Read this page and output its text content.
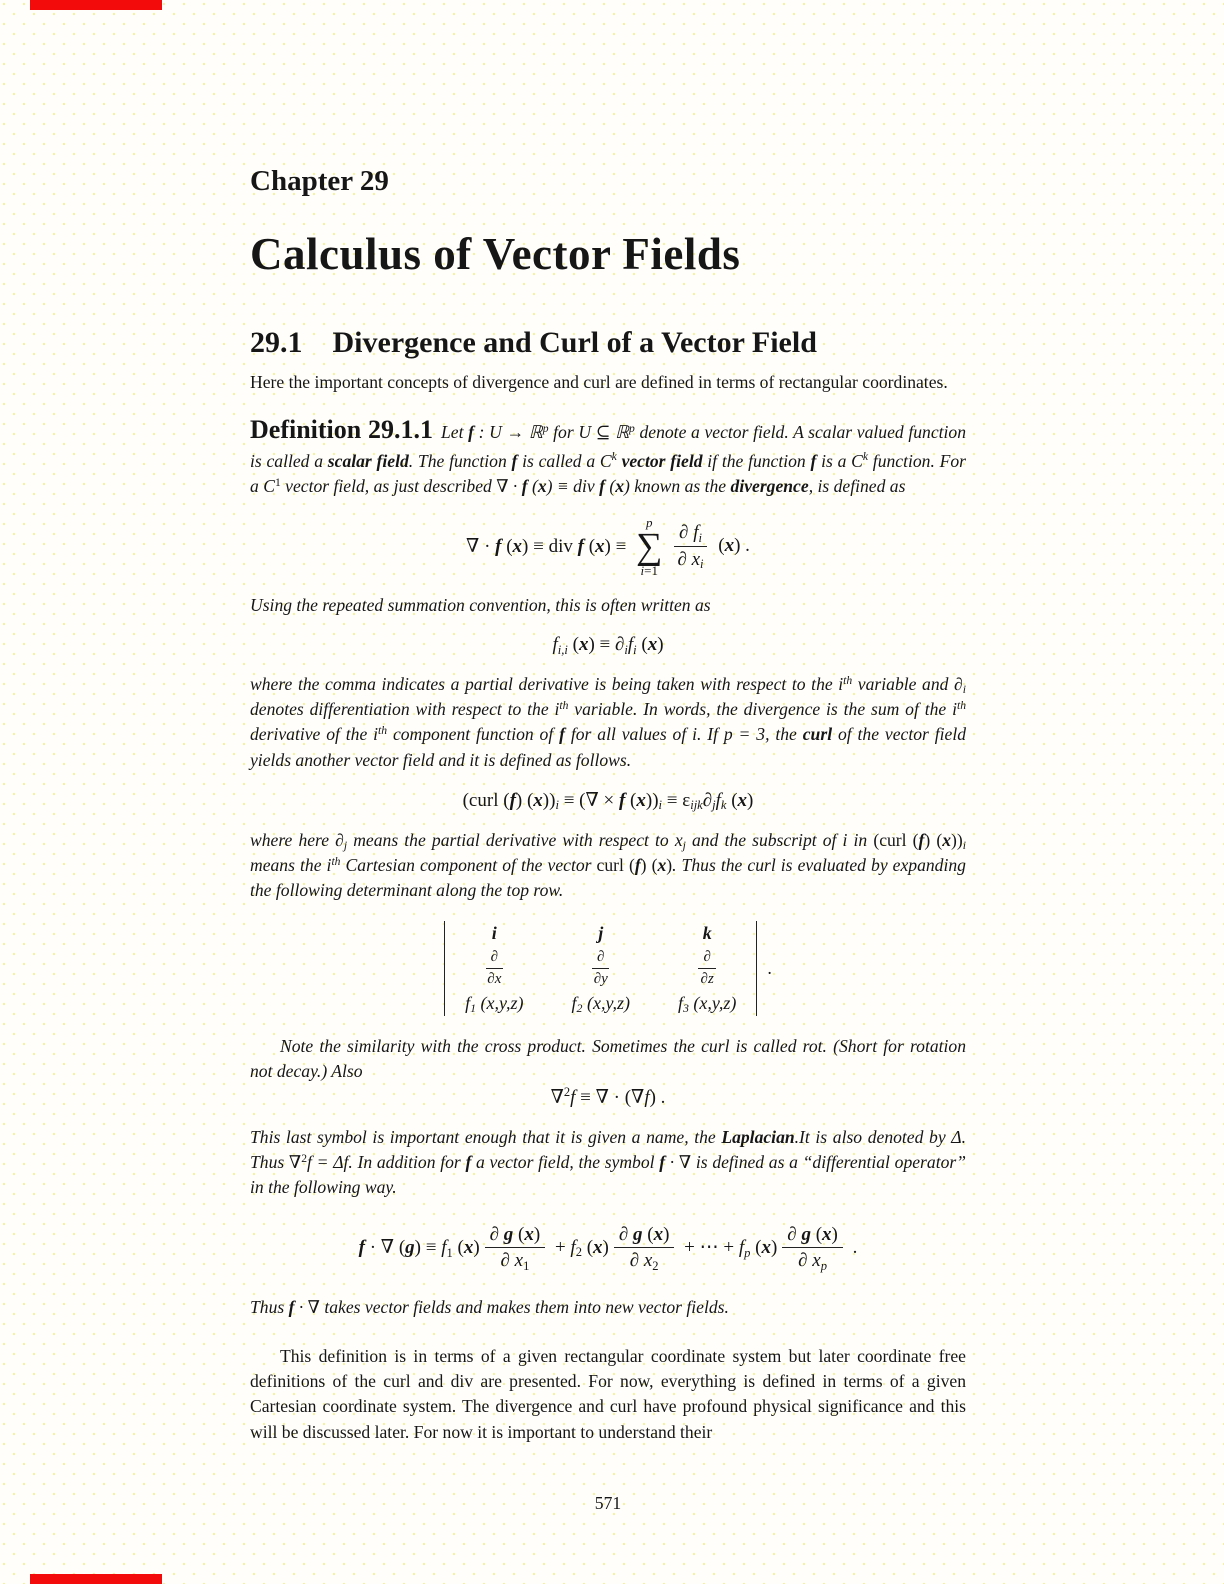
Chapter 29
Calculus of Vector Fields
29.1 Divergence and Curl of a Vector Field

Here the important concepts of divergence and curl are defined in terms of rectangular coordinates.

Definition 29.1.1 Let f : U → ℝ$^p$ for U ⊆ ℝ$^p$ denote a vector field. A scalar valued function is called a scalar field. The function f is called a $C^k$ vector field if the function f is a $C^k$ function. For a $C^1$ vector field, as just described ∇ · f (x) ≡ div f (x) known as the divergence, is defined as
∇ · f (x) ≡ div f (x) ≡
p
∑
$i=1 \frac{\partial fi}{\partial xi} (x)$ .

Using the repeated summation convention, this is often written as

fi,i (x) ≡ ∂ifi (x)

where the comma indicates a partial derivative is being taken with respect to the $i^{th}$ variable and ∂i denotes differentiation with respect to the $i^{th}$ variable. In words, the divergence is the sum of the $i^{th}$ derivative of the $i^{th}$ component function of f for all values of i. If p = 3, the curl of the vector field yields another vector field and it is defined as follows.

(curl (f) (x))i ≡ (∇ × f (x))i ≡ εijk∂jfk (x)

where here ∂j means the partial derivative with respect to xj and the subscript of i in (curl (f) (x))i means the $i^{th}$ Cartesian component of the vector curl (f) (x). Thus the curl is evaluated by expanding the following determinant along the top row.

i	j	k
$\frac{\partial}{\partial x}$	$\frac{\partial}{\partial y}$	$\frac{\partial}{\partial z}$
f1 (x,y,z)	f2 (x,y,z)	f3 (x,y,z)
.

Note the similarity with the cross product. Sometimes the curl is called rot. (Short for rotation not decay.) Also

∇$^2$f ≡ ∇ · (∇f) .

This last symbol is important enough that it is given a name, the Laplacian.It is also denoted by Δ. Thus ∇$^2$f = Δf. In addition for f a vector field, the symbol f · ∇ is defined as a “differential operator” in the following way.

f · ∇ (g) ≡ f1 $(x) \frac{\partial g (x)}{\partial x1} + f2$ $(x) \frac{\partial g (x)}{\partial x2}$ + ⋯ + fp $(x) \frac{\partial g (x)}{\partial xp}$ .

Thus f · ∇ takes vector fields and makes them into new vector fields.

This definition is in terms of a given rectangular coordinate system but later coordinate free definitions of the curl and div are presented. For now, everything is defined in terms of a given Cartesian coordinate system. The divergence and curl have profound physical significance and this will be discussed later. For now it is important to understand their

571
